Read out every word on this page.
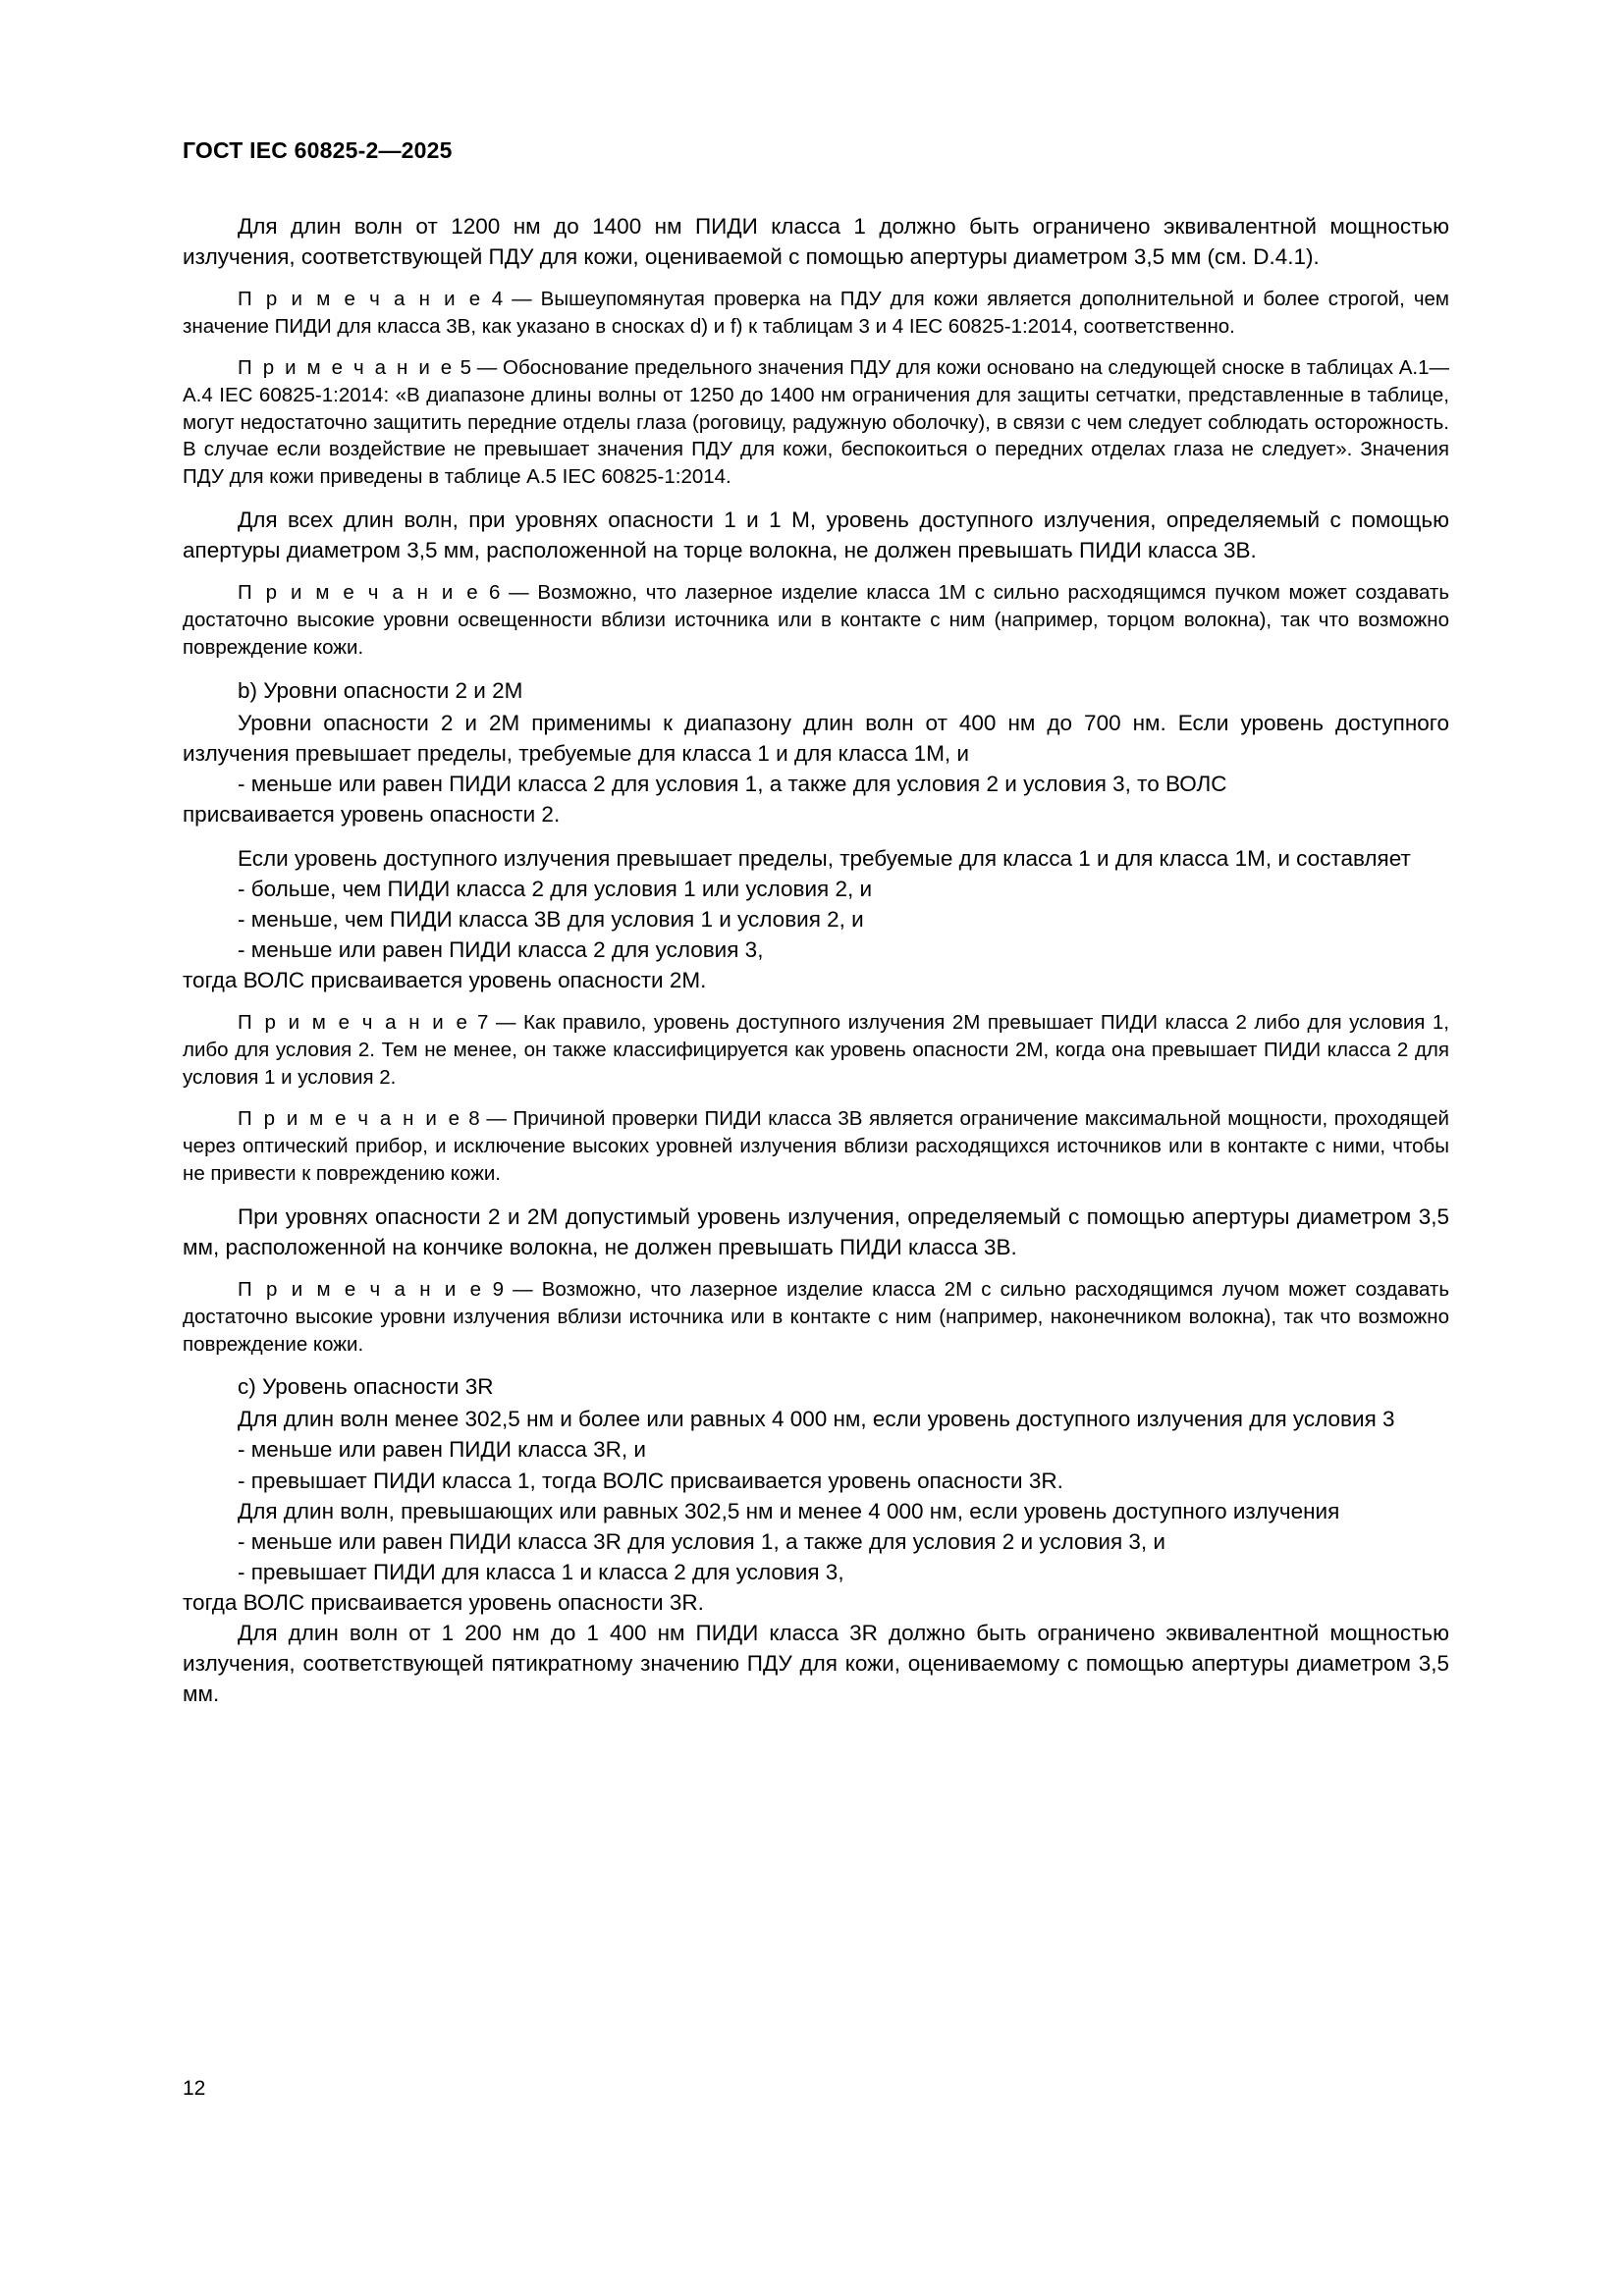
ГОСТ IEC 60825-2—2025

Для длин волн от 1200 нм до 1400 нм ПИДИ класса 1 должно быть ограничено эквивалентной мощностью излучения, соответствующей ПДУ для кожи, оцениваемой с помощью апертуры диаметром 3,5 мм (см. D.4.1).

П р и м е ч а н и е 4 — Вышеупомянутая проверка на ПДУ для кожи является дополнительной и более строгой, чем значение ПИДИ для класса 3В, как указано в сносках d) и f) к таблицам 3 и 4 IEC 60825-1:2014, соответственно.

П р и м е ч а н и е 5 — Обоснование предельного значения ПДУ для кожи основано на следующей сноске в таблицах А.1—А.4 IEC 60825-1:2014: «В диапазоне длины волны от 1250 до 1400 нм ограничения для защиты сетчатки, представленные в таблице, могут недостаточно защитить передние отделы глаза (роговицу, радужную оболочку), в связи с чем следует соблюдать осторожность. В случае если воздействие не превышает значения ПДУ для кожи, беспокоиться о передних отделах глаза не следует». Значения ПДУ для кожи приведены в таблице А.5 IEC 60825-1:2014.

Для всех длин волн, при уровнях опасности 1 и 1 М, уровень доступного излучения, определяемый с помощью апертуры диаметром 3,5 мм, расположенной на торце волокна, не должен превышать ПИДИ класса 3В.

П р и м е ч а н и е 6 — Возможно, что лазерное изделие класса 1М с сильно расходящимся пучком может создавать достаточно высокие уровни освещенности вблизи источника или в контакте с ним (например, торцом волокна), так что возможно повреждение кожи.

b) Уровни опасности 2 и 2М

Уровни опасности 2 и 2М применимы к диапазону длин волн от 400 нм до 700 нм. Если уровень доступного излучения превышает пределы, требуемые для класса 1 и для класса 1М, и

- меньше или равен ПИДИ класса 2 для условия 1, а также для условия 2 и условия 3, то ВОЛС

присваивается уровень опасности 2.

Если уровень доступного излучения превышает пределы, требуемые для класса 1 и для класса 1М, и составляет

- больше, чем ПИДИ класса 2 для условия 1 или условия 2, и

- меньше, чем ПИДИ класса 3В для условия 1 и условия 2, и

- меньше или равен ПИДИ класса 2 для условия 3,

тогда ВОЛС присваивается уровень опасности 2М.

П р и м е ч а н и е 7 — Как правило, уровень доступного излучения 2М превышает ПИДИ класса 2 либо для условия 1, либо для условия 2. Тем не менее, он также классифицируется как уровень опасности 2М, когда она превышает ПИДИ класса 2 для условия 1 и условия 2.

П р и м е ч а н и е 8 — Причиной проверки ПИДИ класса 3В является ограничение максимальной мощности, проходящей через оптический прибор, и исключение высоких уровней излучения вблизи расходящихся источников или в контакте с ними, чтобы не привести к повреждению кожи.

При уровнях опасности 2 и 2М допустимый уровень излучения, определяемый с помощью апертуры диаметром 3,5 мм, расположенной на кончике волокна, не должен превышать ПИДИ класса 3В.

П р и м е ч а н и е 9 — Возможно, что лазерное изделие класса 2М с сильно расходящимся лучом может создавать достаточно высокие уровни излучения вблизи источника или в контакте с ним (например, наконечником волокна), так что возможно повреждение кожи.

c) Уровень опасности 3R

Для длин волн менее 302,5 нм и более или равных 4 000 нм, если уровень доступного излучения для условия 3

- меньше или равен ПИДИ класса 3R, и

- превышает ПИДИ класса 1, тогда ВОЛС присваивается уровень опасности 3R.

Для длин волн, превышающих или равных 302,5 нм и менее 4 000 нм, если уровень доступного излучения

- меньше или равен ПИДИ класса 3R для условия 1, а также для условия 2 и условия 3, и

- превышает ПИДИ для класса 1 и класса 2 для условия 3,

тогда ВОЛС присваивается уровень опасности 3R.

Для длин волн от 1 200 нм до 1 400 нм ПИДИ класса 3R должно быть ограничено эквивалентной мощностью излучения, соответствующей пятикратному значению ПДУ для кожи, оцениваемому с помощью апертуры диаметром 3,5 мм.

12
